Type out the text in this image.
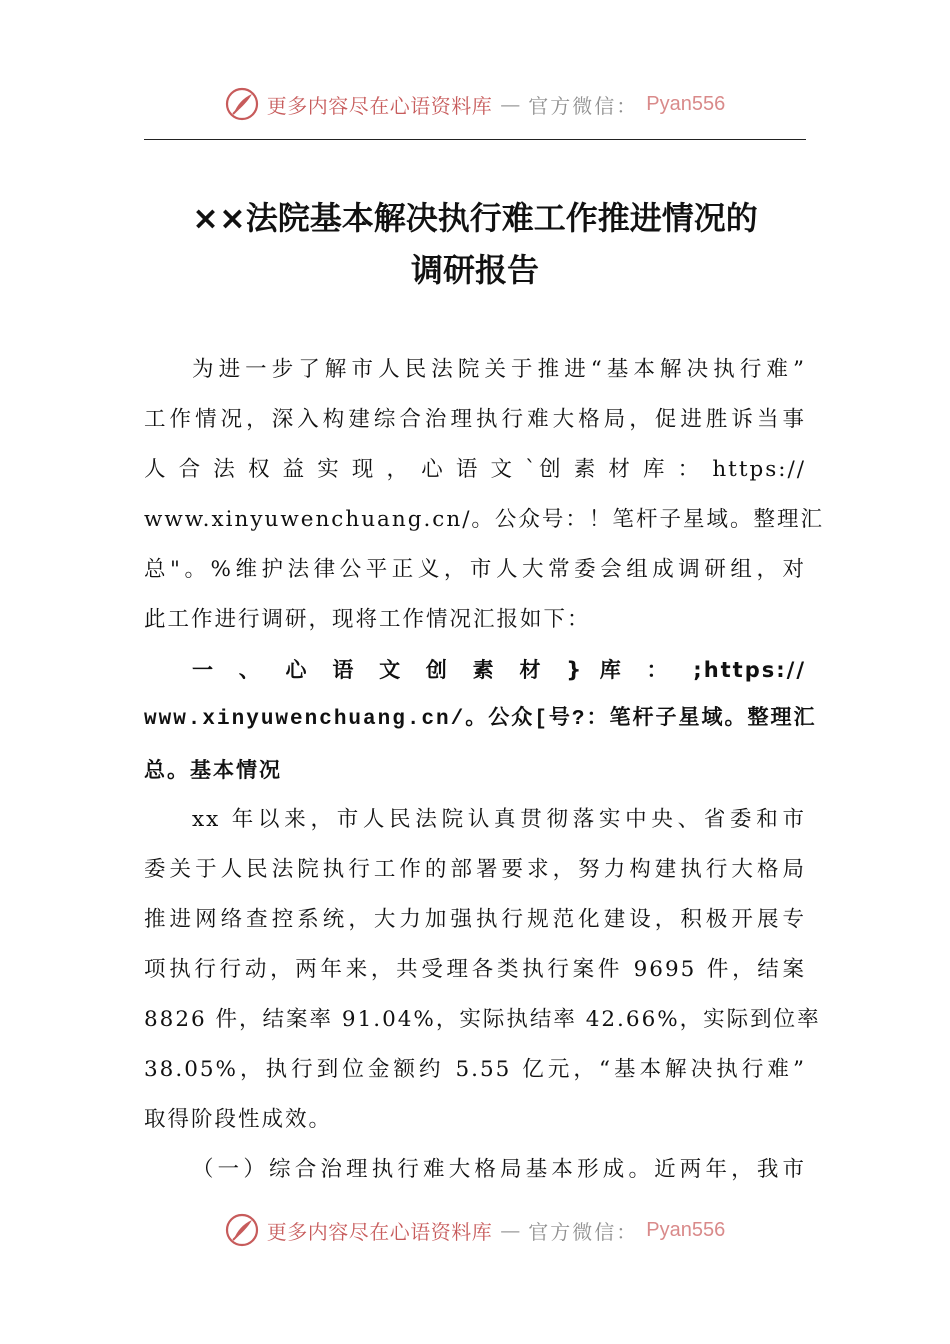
更多内容尽在心语资料库 — 官方微信： Pyan556
××法院基本解决执行难工作推进情况的
调研报告
为进一步了解市人民法院关于推进“基本解决执行难”
工作情况，深入构建综合治理执行难大格局，促进胜诉当事
人 合 法 权 益 实 现 ， 心 语 文 `创 素 材 库 ： https://
www.xinyuwenchuang.cn/。公众号：！笔杆子星域。整理汇
总"。%维护法律公平正义，市人大常委会组成调研组，对
此工作进行调研，现将工作情况汇报如下：
一 、 心 语 文 创 素 材 } 库 ： ;https://
www.xinyuwenchuang.cn/。公众[号?：笔杆子星域。整理汇
总。基本情况
xx 年以来，市人民法院认真贯彻落实中央、省委和市
委关于人民法院执行工作的部署要求，努力构建执行大格局
推进网络查控系统，大力加强执行规范化建设，积极开展专
项执行行动，两年来，共受理各类执行案件 9695 件，结案
8826 件，结案率 91.04%，实际执结率 42.66%，实际到位率
38.05%，执行到位金额约 5.55 亿元，“基本解决执行难”
取得阶段性成效。
（一）综合治理执行难大格局基本形成。近两年，我市
更多内容尽在心语资料库 — 官方微信： Pyan556
